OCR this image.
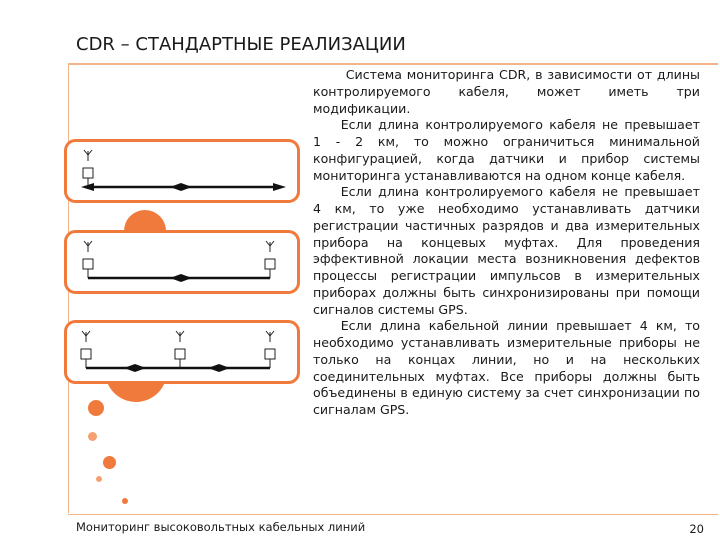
CDR – СТАНДАРТНЫЕ РЕАЛИЗАЦИИ

Система мониторинга CDR, в зависимости от длины контролируемого кабеля, может иметь три модификации.

Если длина контролируемого кабеля не превышает 1 - 2 км, то можно ограничиться минимальной конфигурацией, когда датчики и прибор системы мониторинга устанавливаются на одном конце кабеля.

Если длина контролируемого кабеля не превышает 4 км, то уже необходимо устанавливать датчики регистрации частичных разрядов и два измерительных прибора на концевых муфтах. Для проведения эффективной локации места возникновения дефектов процессы регистрации импульсов в измерительных приборах должны быть синхронизированы при помощи сигналов системы GPS.

Если длина кабельной линии превышает 4 км, то необходимо устанавливать измерительные приборы не только на концах линии, но и на нескольких соединительных муфтах. Все приборы должны быть объединены в единую систему за счет синхронизации по сигналам GPS.

Мониторинг высоковольтных кабельных линий	20
